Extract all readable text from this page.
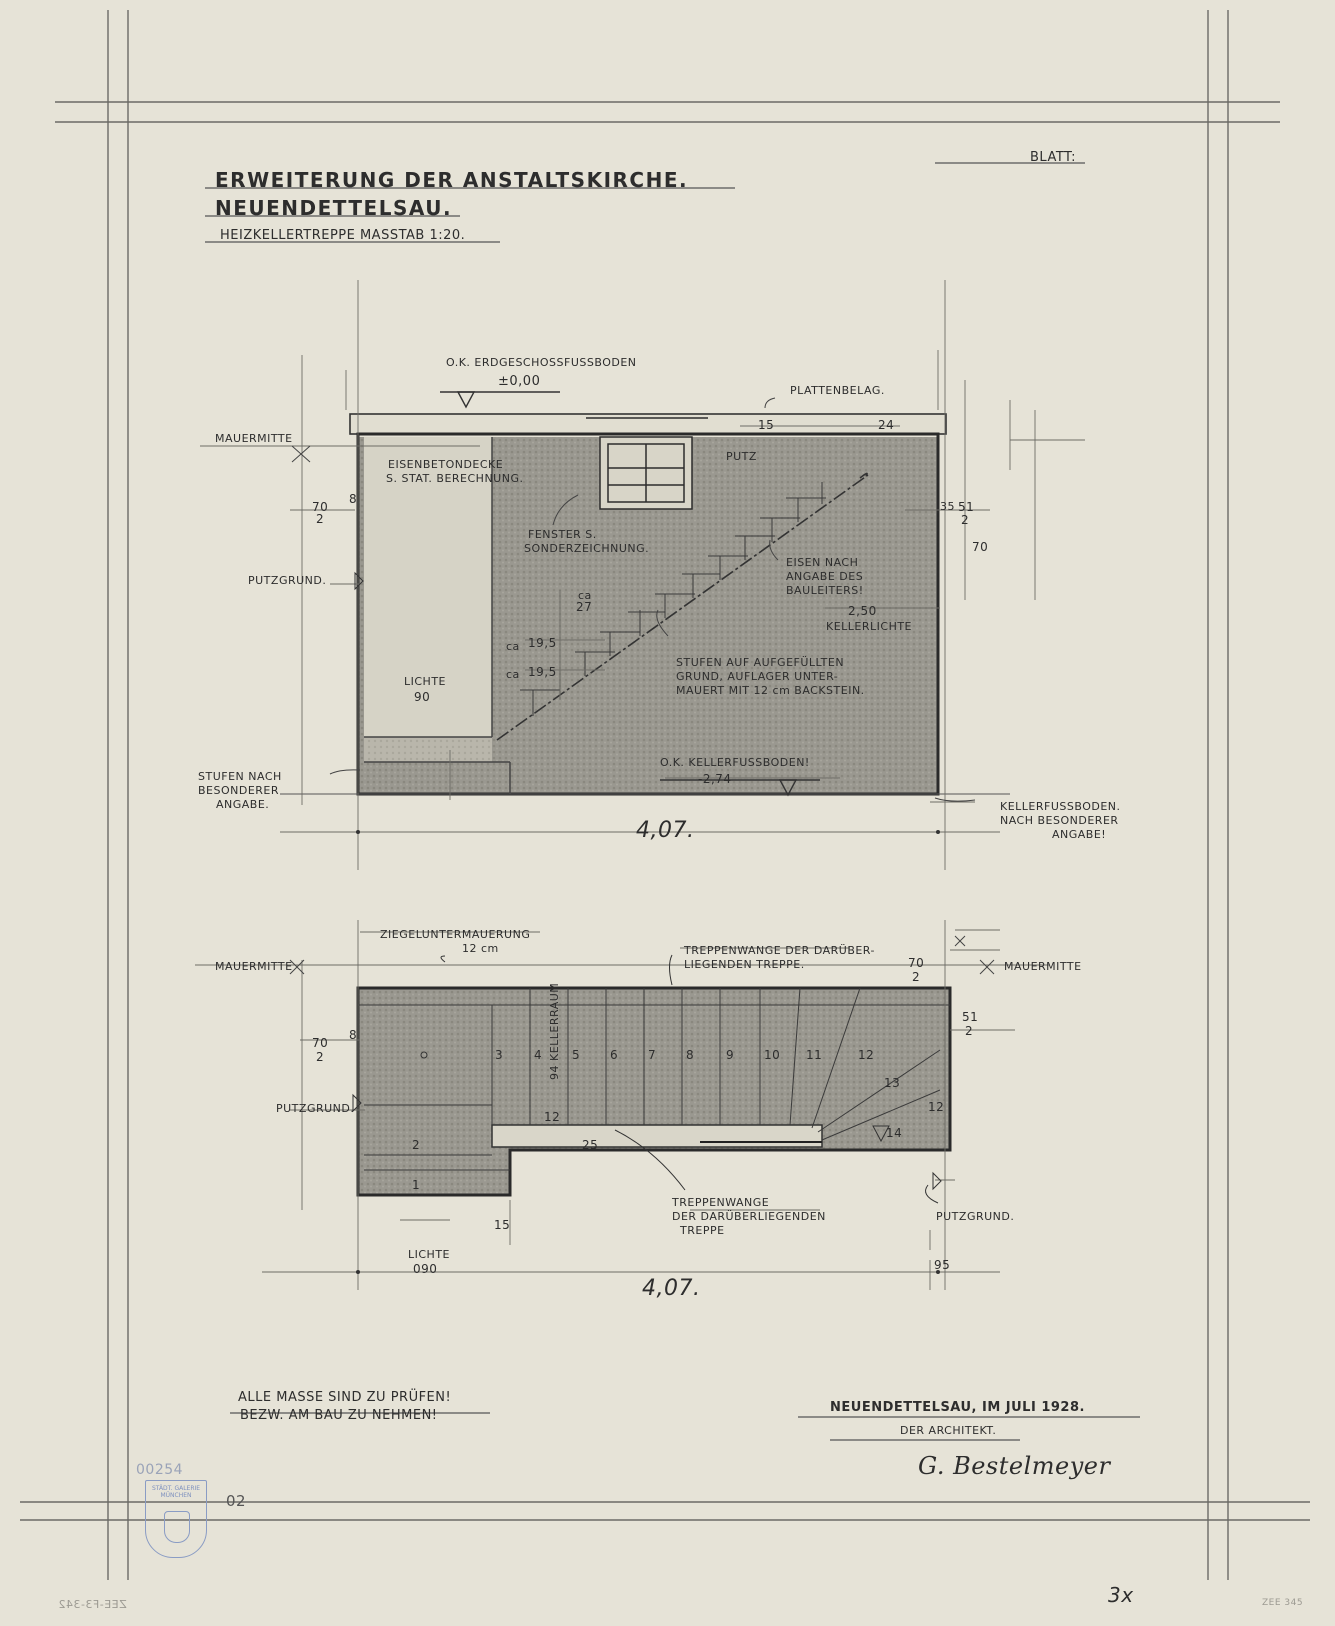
ERWEITERUNG DER ANSTALTSKIRCHE.
NEUENDETTELSAU.
HEIZKELLERTREPPE MASSTAB 1:20.
BLATT:
O.K. ERDGESCHOSSFUSSBODEN
±0,00
PLATTENBELAG.
15	24
MAUERMITTE
EISENBETONDECKE
S. STAT. BERECHNUNG.
PUTZ
70
2
8
35 51
2
70
FENSTER S.
SONDERZEICHNUNG.
EISEN NACH
ANGABE DES
BAULEITERS!
PUTZGRUND.
2,50
KELLERLICHTE
ca
27
ca 19,5
ca 19,5
STUFEN AUF AUFGEFÜLLTEN
GRUND, AUFLAGER UNTER-
MAUERT MIT 12 cm BACKSTEIN.
LICHTE
90
O.K. KELLERFUSSBODEN!
-2,74
STUFEN NACH
BESONDERER
ANGABE.	KELLERFUSSBODEN.
NACH BESONDERER
ANGABE!
4,07.
ZIEGELUNTERMAUERUNG
12 cm	TREPPENWANGE DER DARÜBER-
LIEGENDEN TREPPE.
MAUERMITTE	MAUERMITTE
70
2
51
2
70
2
8
PUTZGRUND.
PUTZGRUND.
1
2
3	4 5 6 7 8	9 10 11	12
13
14
94 KELLERRAUM
12
12
25
TREPPENWANGE
DER DARÜBERLIEGENDEN
TREPPE
15
LICHTE
090	95
4,07.
ALLE MASSE SIND ZU PRÜFEN!
BEZW. AM BAU ZU NEHMEN!
NEUENDETTELSAU, IM JULI 1928.
DER ARCHITEKT.
G. Bestelmeyer
00254
STÄDT. GALERIE MÜNCHEN	02
3x
ZEE-F3-342	ZEE 345
